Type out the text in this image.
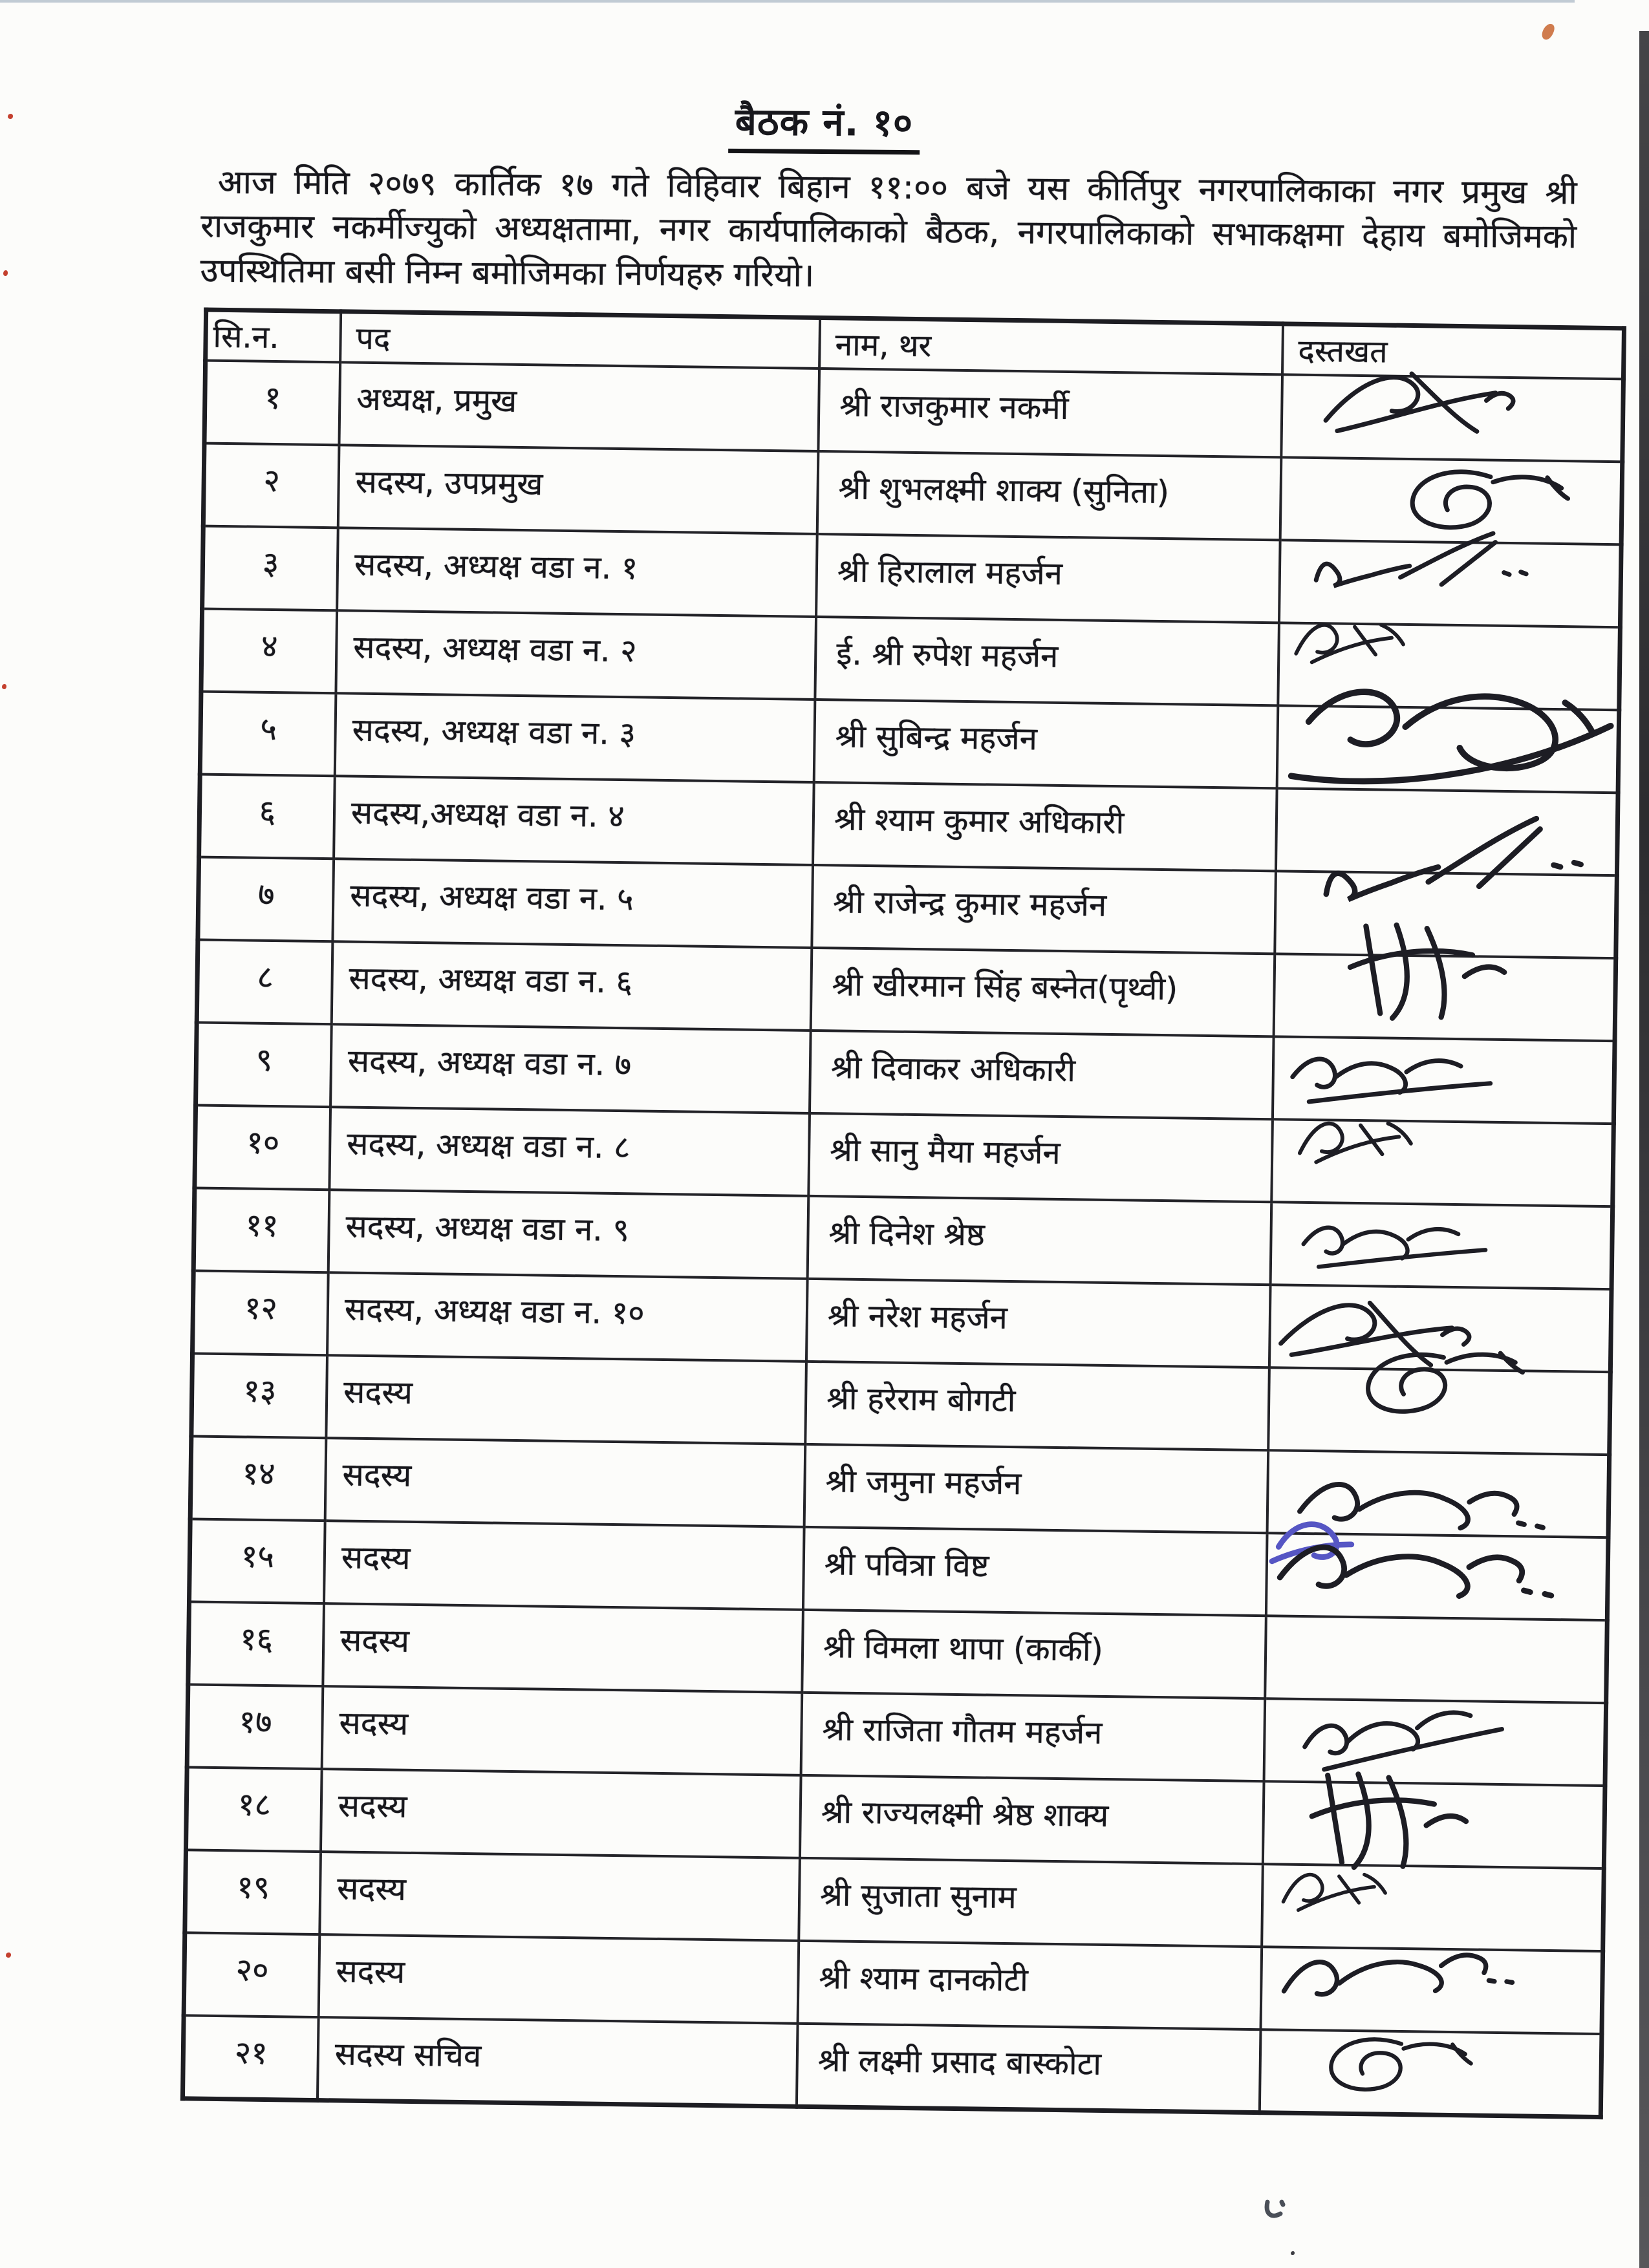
बैठक नं. १०

आज मिति २०७९ कार्तिक १७ गते विहिवार बिहान ११:०० बजे यस कीर्तिपुर नगरपालिकाका नगर प्रमुख श्री राजकुमार नकर्मीज्युको अध्यक्षतामा, नगर कार्यपालिकाको बैठक, नगरपालिकाको सभाकक्षमा देहाय बमोजिमको उपस्थितिमा बसी निम्न बमोजिमका निर्णयहरु गरियो।

सि.न.	पद	नाम, थर	दस्तखत
१	अध्यक्ष, प्रमुख	श्री राजकुमार नकर्मी	

२	सदस्य, उपप्रमुख	श्री शुभलक्ष्मी शाक्य (सुनिता)	

३	सदस्य, अध्यक्ष वडा न. १	श्री हिरालाल महर्जन	

४	सदस्य, अध्यक्ष वडा न. २	ई. श्री रुपेश महर्जन	

५	सदस्य, अध्यक्ष वडा न. ३	श्री सुबिन्द्र महर्जन	

६	सदस्य,अध्यक्ष वडा न. ४	श्री श्याम कुमार अधिकारी	
७	सदस्य, अध्यक्ष वडा न. ५	श्री राजेन्द्र कुमार महर्जन	

८	सदस्य, अध्यक्ष वडा न. ६	श्री खीरमान सिंह बस्नेत(पृथ्वी)	

९	सदस्य, अध्यक्ष वडा न. ७	श्री दिवाकर अधिकारी	

१०	सदस्य, अध्यक्ष वडा न. ८	श्री सानु मैया महर्जन	

११	सदस्य, अध्यक्ष वडा न. ९	श्री दिनेश श्रेष्ठ	

१२	सदस्य, अध्यक्ष वडा न. १०	श्री नरेश महर्जन	

१३	सदस्य	श्री हरेराम बोगटी	

१४	सदस्य	श्री जमुना महर्जन	

१५	सदस्य	श्री पवित्रा विष्ट	

१६	सदस्य	श्री विमला थापा (कार्की)	
१७	सदस्य	श्री राजिता गौतम महर्जन	

१८	सदस्य	श्री राज्यलक्ष्मी श्रेष्ठ शाक्य	

१९	सदस्य	श्री सुजाता सुनाम	

२०	सदस्य	श्री श्याम दानकोटी	

२१	सदस्य सचिव	श्री लक्ष्मी प्रसाद बास्कोटा	
